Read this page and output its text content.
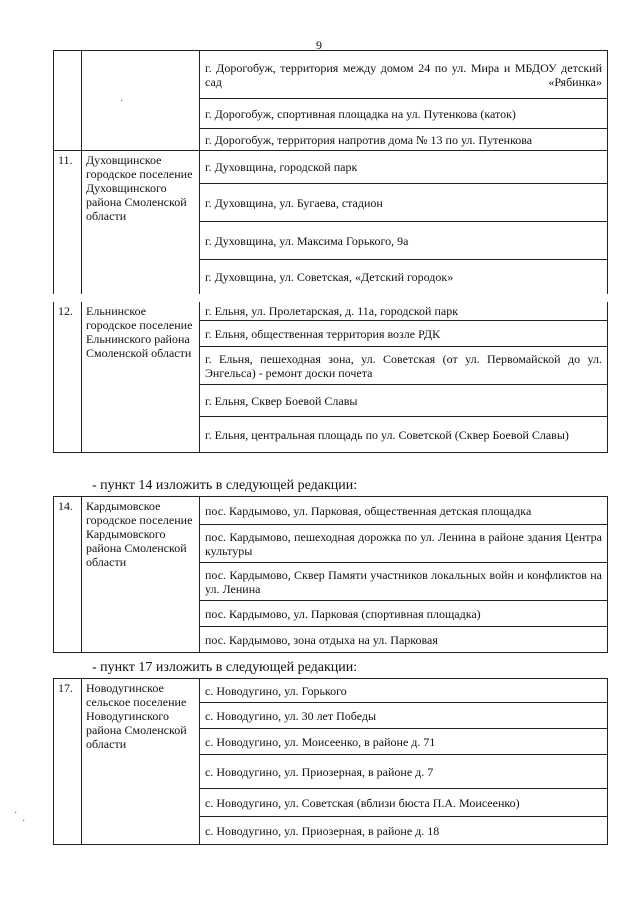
9
		г. Дорогобуж, территория между домом 24 по ул. Мира и МБДОУ детский сад «Рябинка»
		г. Дорогобуж, спортивная площадка на ул. Путенкова (каток)
		г. Дорогобуж, территория напротив дома № 13 по ул. Путенкова
11.	Духовщинское городское поселение Духовщинского района Смоленской области	г. Духовщина, городской парк
		г. Духовщина, ул. Бугаева, стадион
		г. Духовщина, ул. Максима Горького, 9а
		г. Духовщина, ул. Советская, «Детский городок»
12.	Ельнинское городское поселение Ельнинского района Смоленской области	г. Ельня, ул. Пролетарская, д. 11а, городской парк
		г. Ельня, общественная территория возле РДК
		г. Ельня, пешеходная зона, ул. Советская (от ул. Первомайской до ул. Энгельса) - ремонт доски почета
		г. Ельня, Сквер Боевой Славы
		г. Ельня, центральная площадь по ул. Советской (Сквер Боевой Славы)
- пункт 14 изложить в следующей редакции:
14.	Кардымовское городское поселение Кардымовского района Смоленской области	пос. Кардымово, ул. Парковая, общественная детская площадка
пос. Кардымово, пешеходная дорожка по ул. Ленина в районе здания Центра культуры
пос. Кардымово, Сквер Памяти участников локальных войн и конфликтов на ул. Ленина
пос. Кардымово, ул. Парковая (спортивная площадка)
пос. Кардымово, зона отдыха на ул. Парковая
- пункт 17 изложить в следующей редакции:
17.	Новодугинское сельское поселение Новодугинского района Смоленской области	с. Новодугино, ул. Горького
с. Новодугино, ул. 30 лет Победы
с. Новодугино, ул. Моисеенко, в районе д. 71
с. Новодугино, ул. Приозерная, в районе д. 7
с. Новодугино, ул. Советская (вблизи бюста П.А. Моисеенко)
с. Новодугино, ул. Приозерная, в районе д. 18
·
·
·
